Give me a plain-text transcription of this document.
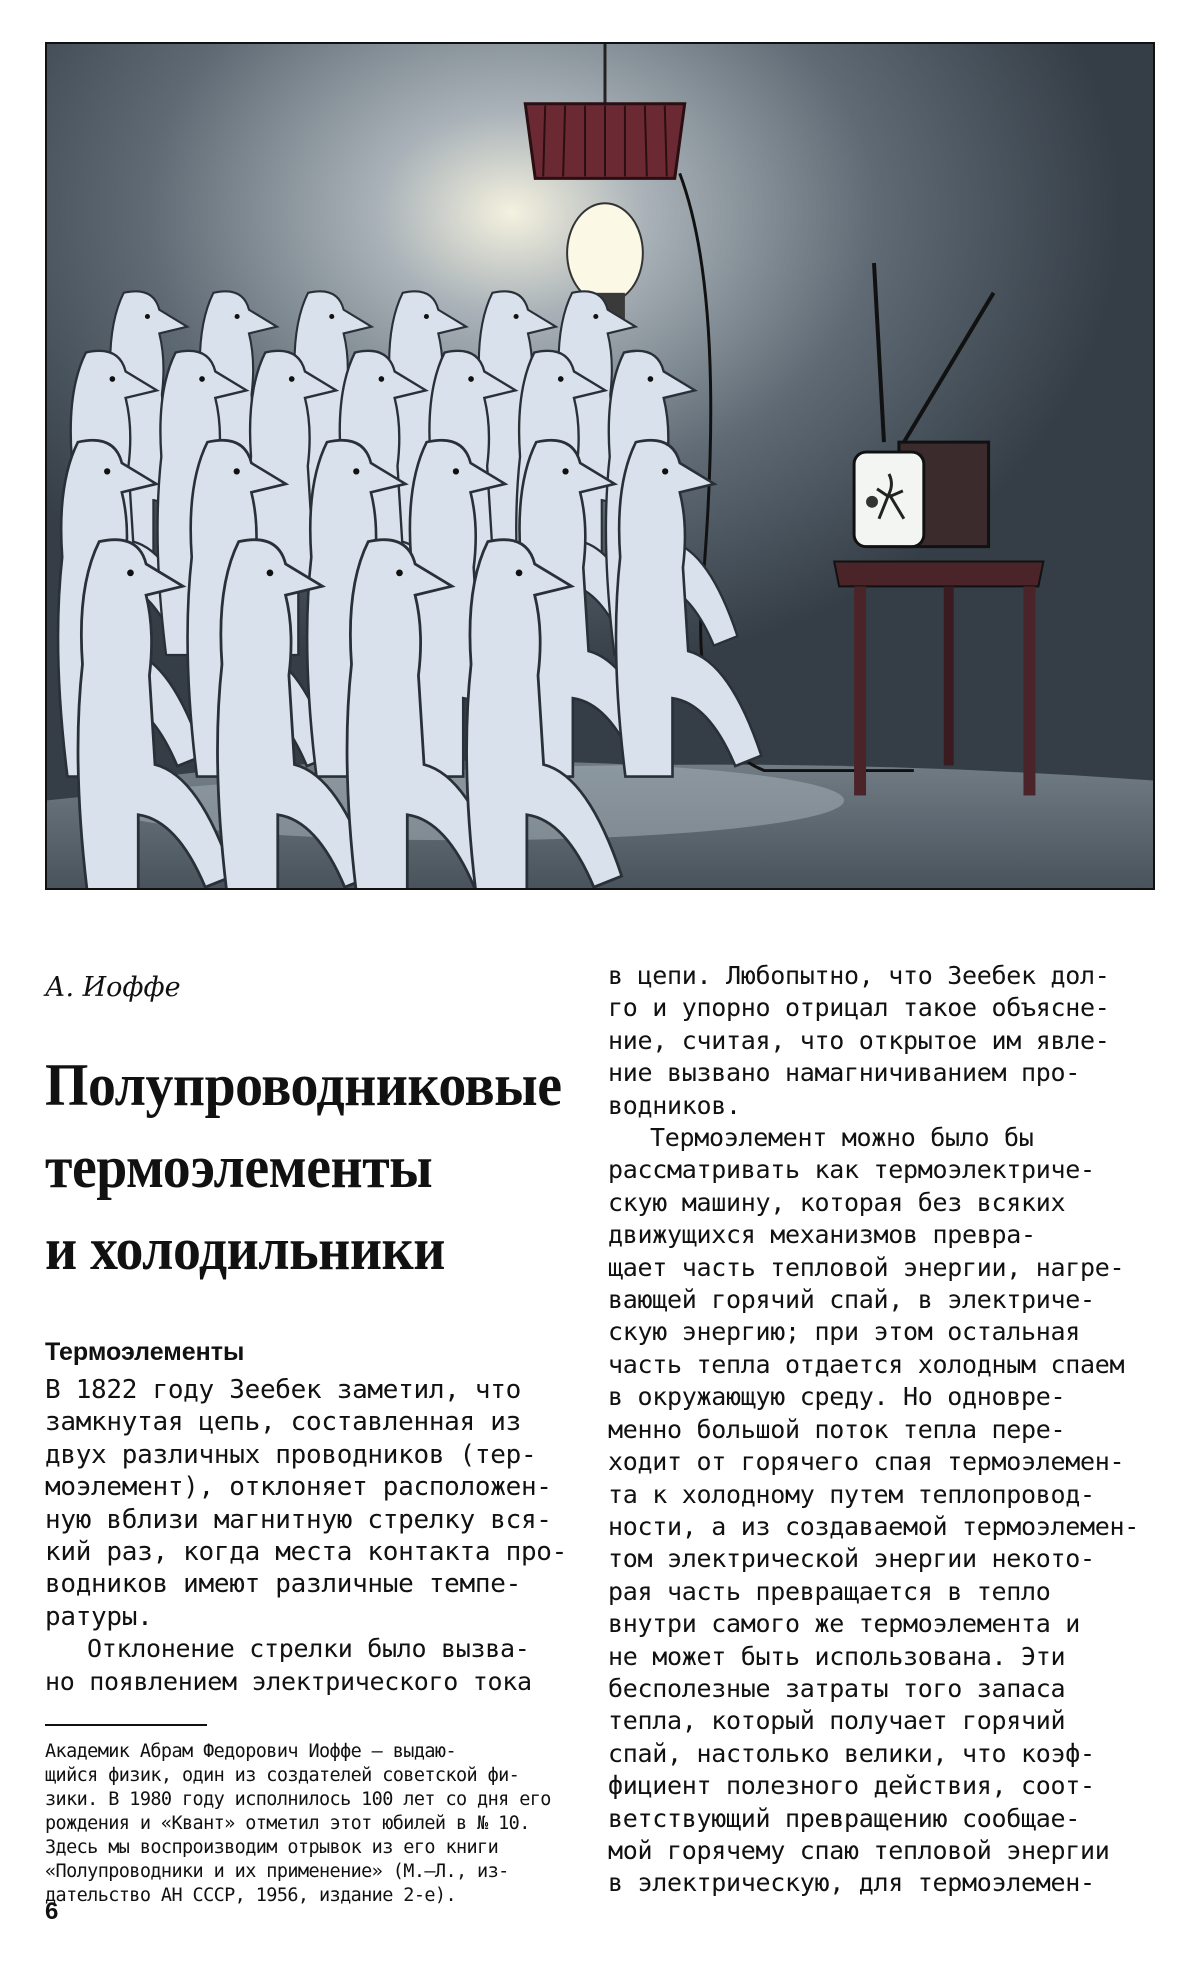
А. Иоффе

Полупроводниковые
термоэлементы
и холодильники
Термоэлементы

В 1822 году Зеебек заметил, что
замкнутая цепь, составленная из
двух различных проводников (тер-
моэлемент), отклоняет расположен-
ную вблизи магнитную стрелку вся-
кий раз, когда места контакта про-
водников имеют различные темпе-
ратуры.

Отклонение стрелки было вызва-
но появлением электрического тока

Академик Абрам Федорович Иоффе — выдаю-
щийся физик, один из создателей советской фи-
зики. В 1980 году исполнилось 100 лет со дня его
рождения и «Квант» отметил этот юбилей в № 10.
Здесь мы воспроизводим отрывок из его книги
«Полупроводники и их применение» (М.—Л., из-
дательство АН СССР, 1956, издание 2-е).

в цепи. Любопытно, что Зеебек дол-
го и упорно отрицал такое объясне-
ние, считая, что открытое им явле-
ние вызвано намагничиванием про-
водников.

Термоэлемент можно было бы
рассматривать как термоэлектриче-
скую машину, которая без всяких
движущихся механизмов превра-
щает часть тепловой энергии, нагре-
вающей горячий спай, в электриче-
скую энергию; при этом остальная
часть тепла отдается холодным спаем
в окружающую среду. Но одновре-
менно большой поток тепла пере-
ходит от горячего спая термоэлемен-
та к холодному путем теплопровод-
ности, а из создаваемой термоэлемен-
том электрической энергии некото-
рая часть превращается в тепло
внутри самого же термоэлемента и
не может быть использована. Эти
бесполезные затраты того запаса
тепла, который получает горячий
спай, настолько велики, что коэф-
фициент полезного действия, соот-
ветствующий превращению сообщае-
мой горячему спаю тепловой энергии
в электрическую, для термоэлемен-

6
